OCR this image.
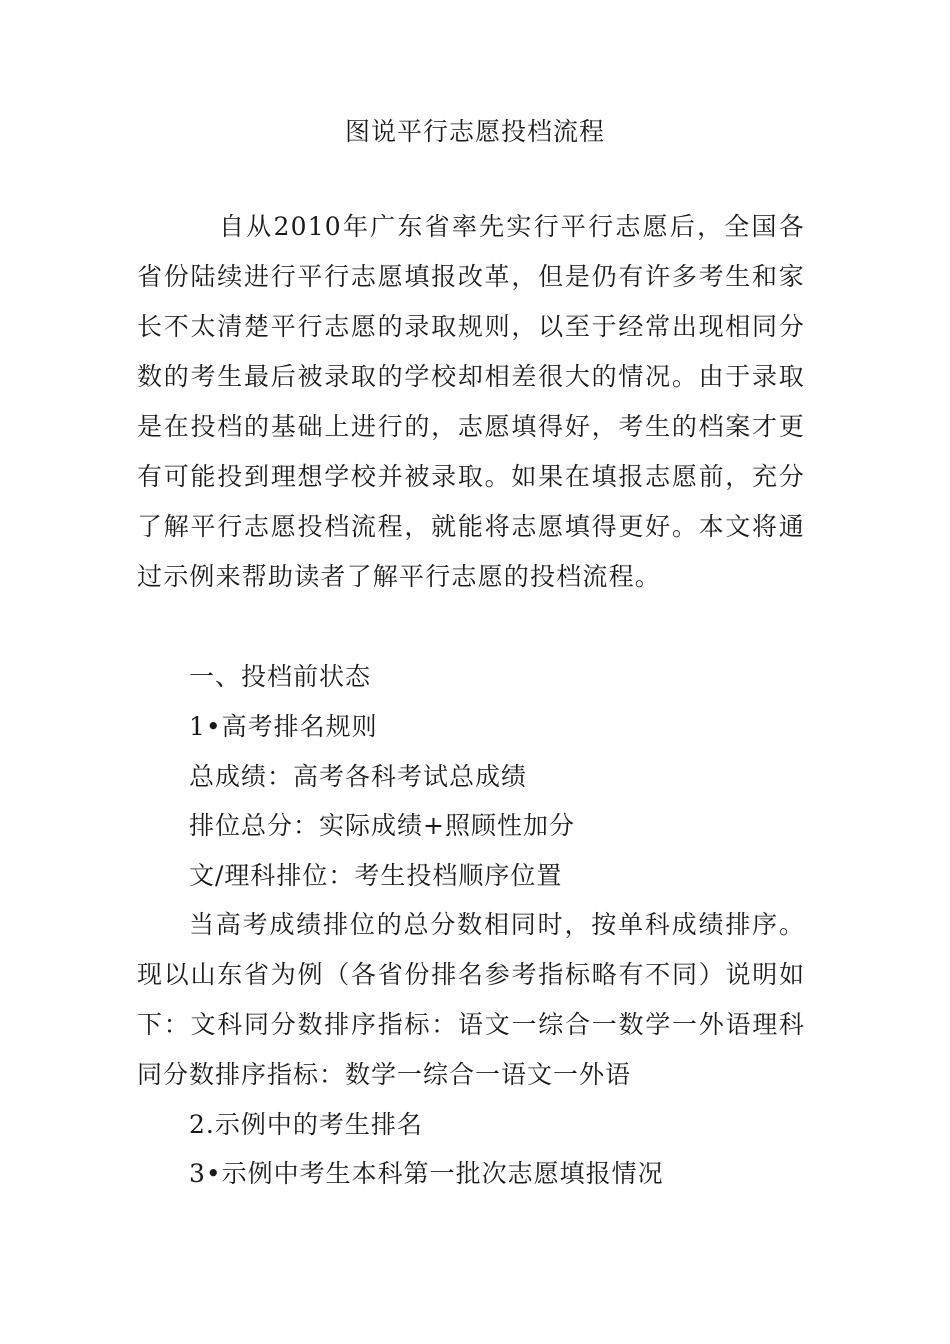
图说平行志愿投档流程
自从2010年广东省率先实行平行志愿后，全国各省份陆续进行平行志愿填报改革，但是仍有许多考生和家长不太清楚平行志愿的录取规则，以至于经常出现相同分数的考生最后被录取的学校却相差很大的情况。由于录取是在投档的基础上进行的，志愿填得好，考生的档案才更有可能投到理想学校并被录取。如果在填报志愿前，充分了解平行志愿投档流程，就能将志愿填得更好。本文将通过示例来帮助读者了解平行志愿的投档流程。
一、投档前状态
1•高考排名规则
总成绩：高考各科考试总成绩
排位总分：实际成绩+照顾性加分
文/理科排位：考生投档顺序位置
当高考成绩排位的总分数相同时，按单科成绩排序。现以山东省为例（各省份排名参考指标略有不同）说明如下：文科同分数排序指标：语文一综合一数学一外语理科同分数排序指标：数学一综合一语文一外语
2.示例中的考生排名
3•示例中考生本科第一批次志愿填报情况
